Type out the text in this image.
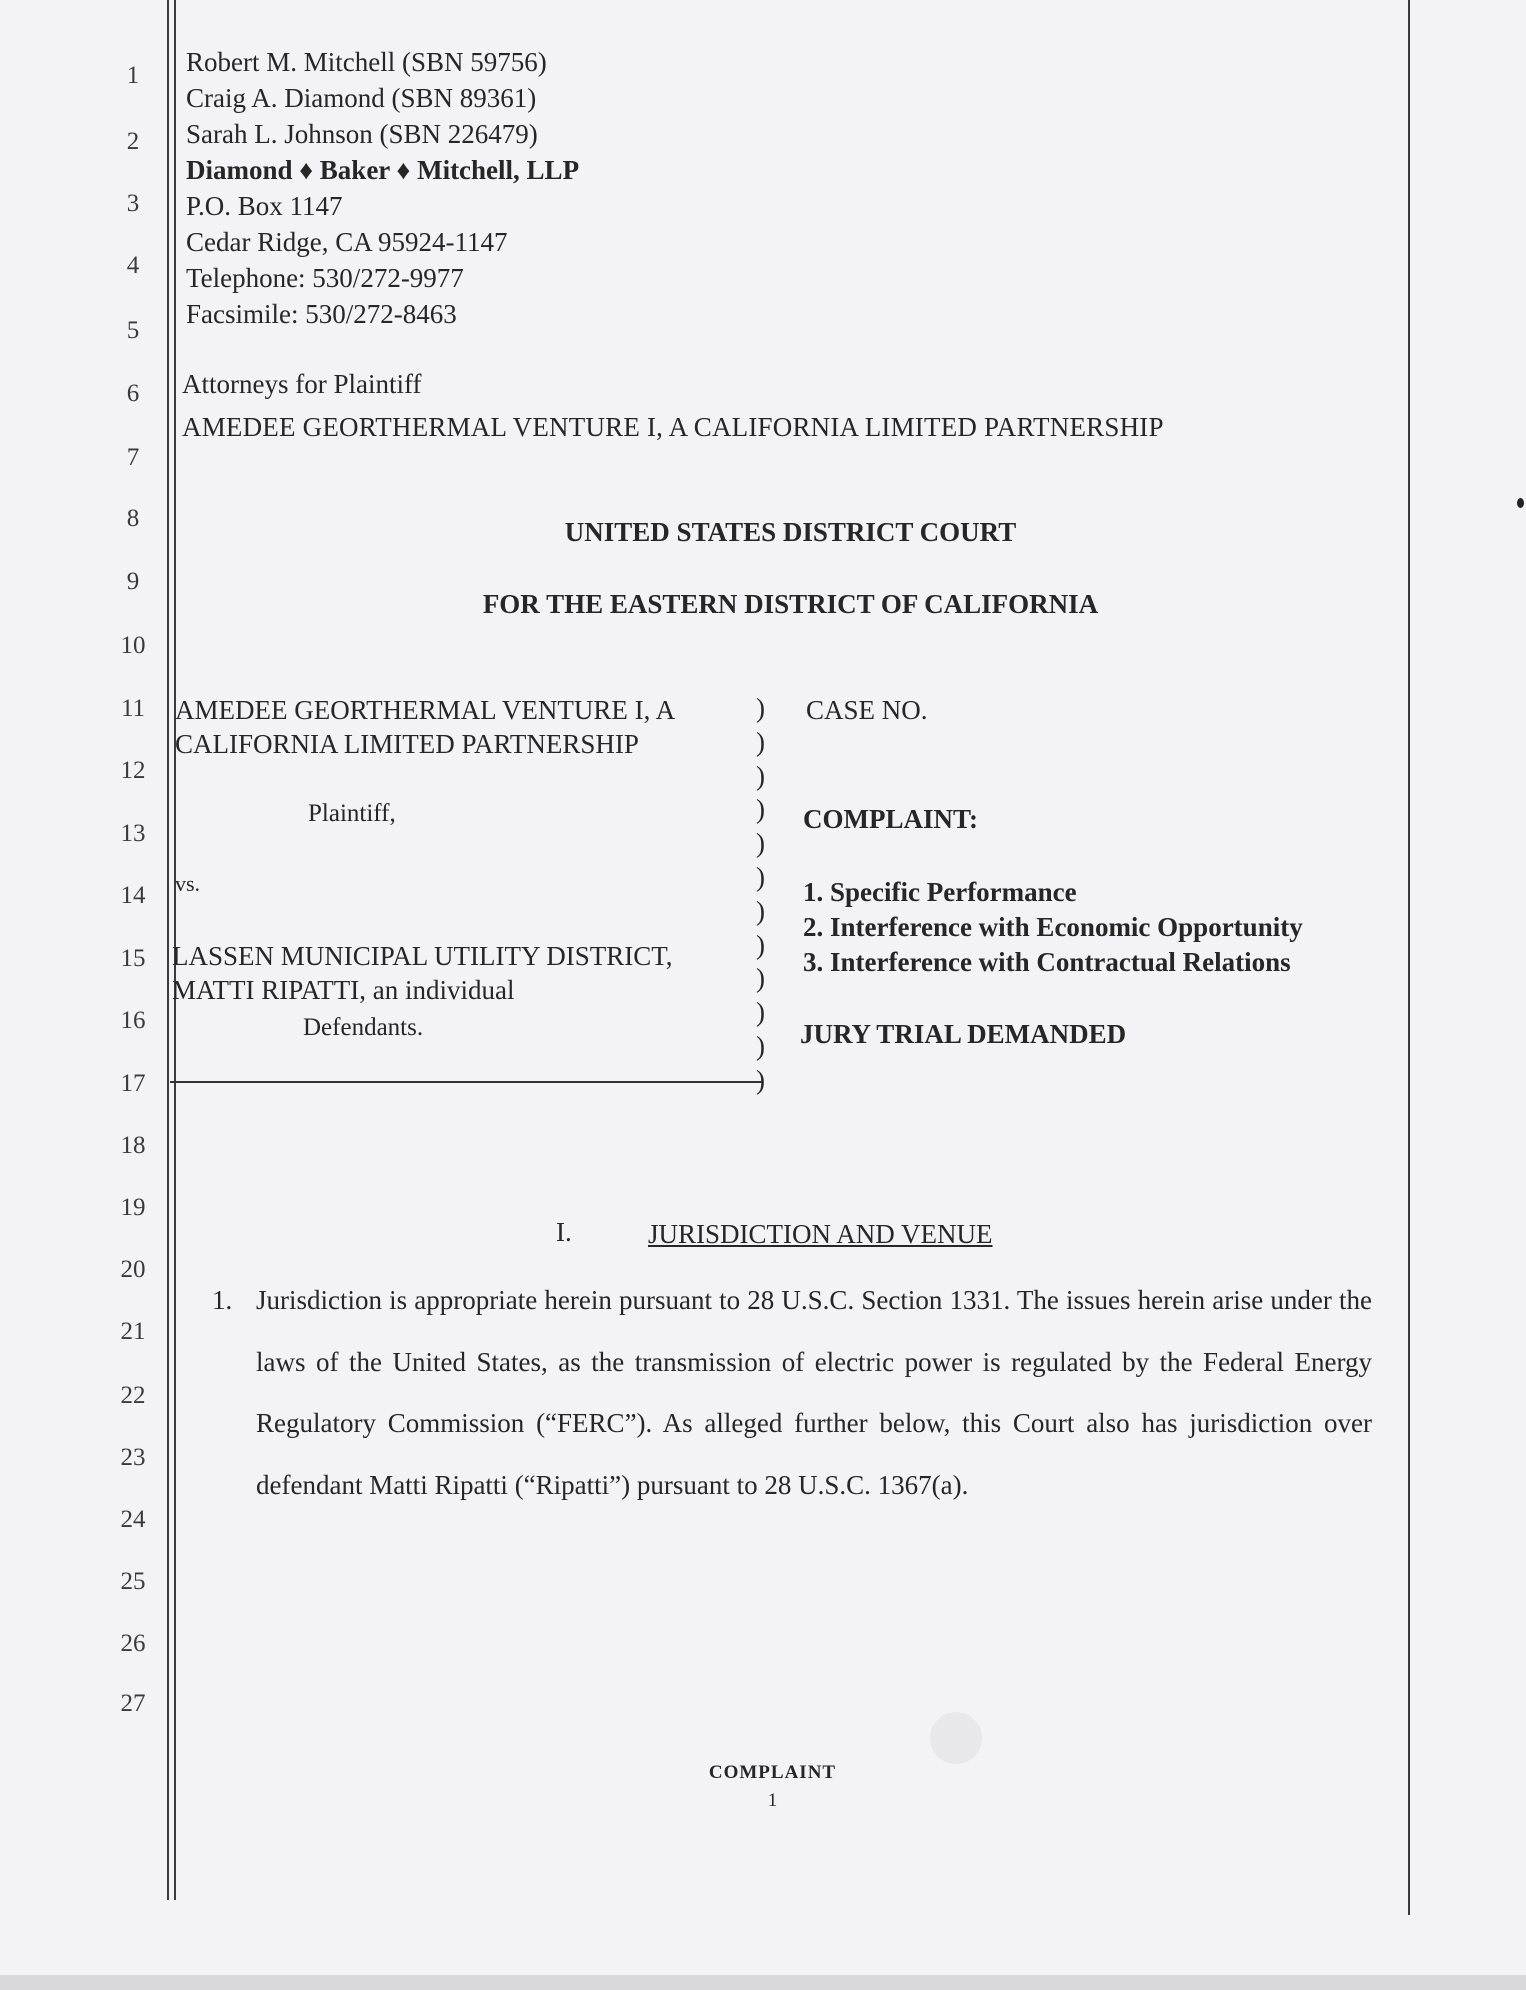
1
2
3
4
5
6
7
8
9
10
11
12
13
14
15
16
17
18
19
20
21
22
23
24
25
26
27
Robert M. Mitchell (SBN 59756)
Craig A. Diamond (SBN 89361)
Sarah L. Johnson (SBN 226479)
Diamond ♦ Baker ♦ Mitchell, LLP
P.O. Box 1147
Cedar Ridge, CA 95924-1147
Telephone: 530/272-9977
Facsimile: 530/272-8463
Attorneys for Plaintiff
AMEDEE GEORTHERMAL VENTURE I, A CALIFORNIA LIMITED PARTNERSHIP
UNITED STATES DISTRICT COURT
FOR THE EASTERN DISTRICT OF CALIFORNIA
AMEDEE GEORTHERMAL VENTURE I, A
CALIFORNIA LIMITED PARTNERSHIP
Plaintiff,
vs.
LASSEN MUNICIPAL UTILITY DISTRICT,
MATTI RIPATTI, an individual
Defendants.
)
)
)
)
)
)
)
)
)
)
)
)
CASE NO.
COMPLAINT:
1. Specific Performance
2. Interference with Economic Opportunity
3. Interference with Contractual Relations
JURY TRIAL DEMANDED
I.	JURISDICTION AND VENUE
1. Jurisdiction is appropriate herein pursuant to 28 U.S.C. Section 1331. The issues herein arise under the laws of the United States, as the transmission of electric power is regulated by the Federal Energy Regulatory Commission (“FERC”). As alleged further below, this Court also has jurisdiction over defendant Matti Ripatti (“Ripatti”) pursuant to 28 U.S.C. 1367(a).
COMPLAINT
1
